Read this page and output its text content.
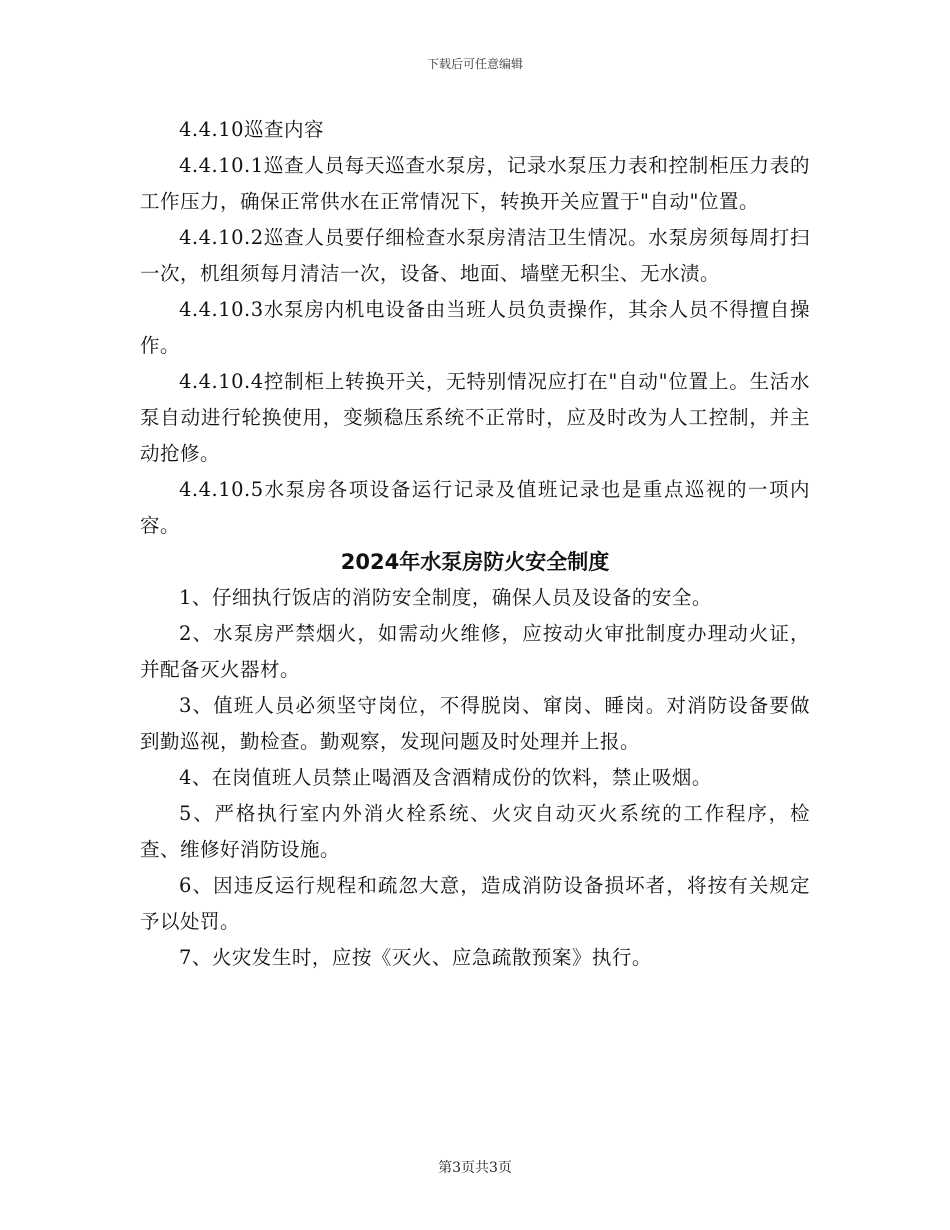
下载后可任意编辑

4.4.10巡查内容

4.4.10.1巡查人员每天巡查水泵房，记录水泵压力表和控制柜压力表的工作压力，确保正常供水在正常情况下，转换开关应置于"自动"位置。

4.4.10.2巡查人员要仔细检查水泵房清洁卫生情况。水泵房须每周打扫一次，机组须每月清洁一次，设备、地面、墙壁无积尘、无水渍。

4.4.10.3水泵房内机电设备由当班人员负责操作，其余人员不得擅自操作。

4.4.10.4控制柜上转换开关，无特别情况应打在"自动"位置上。生活水泵自动进行轮换使用，变频稳压系统不正常时，应及时改为人工控制，并主动抢修。

4.4.10.5水泵房各项设备运行记录及值班记录也是重点巡视的一项内容。

2024年水泵房防火安全制度

1、仔细执行饭店的消防安全制度，确保人员及设备的安全。

2、水泵房严禁烟火，如需动火维修，应按动火审批制度办理动火证，并配备灭火器材。

3、值班人员必须坚守岗位，不得脱岗、窜岗、睡岗。对消防设备要做到勤巡视，勤检查。勤观察，发现问题及时处理并上报。

4、在岗值班人员禁止喝酒及含酒精成份的饮料，禁止吸烟。

5、严格执行室内外消火栓系统、火灾自动灭火系统的工作程序，检查、维修好消防设施。

6、因违反运行规程和疏忽大意，造成消防设备损坏者，将按有关规定予以处罚。

7、火灾发生时，应按《灭火、应急疏散预案》执行。

第3页共3页
